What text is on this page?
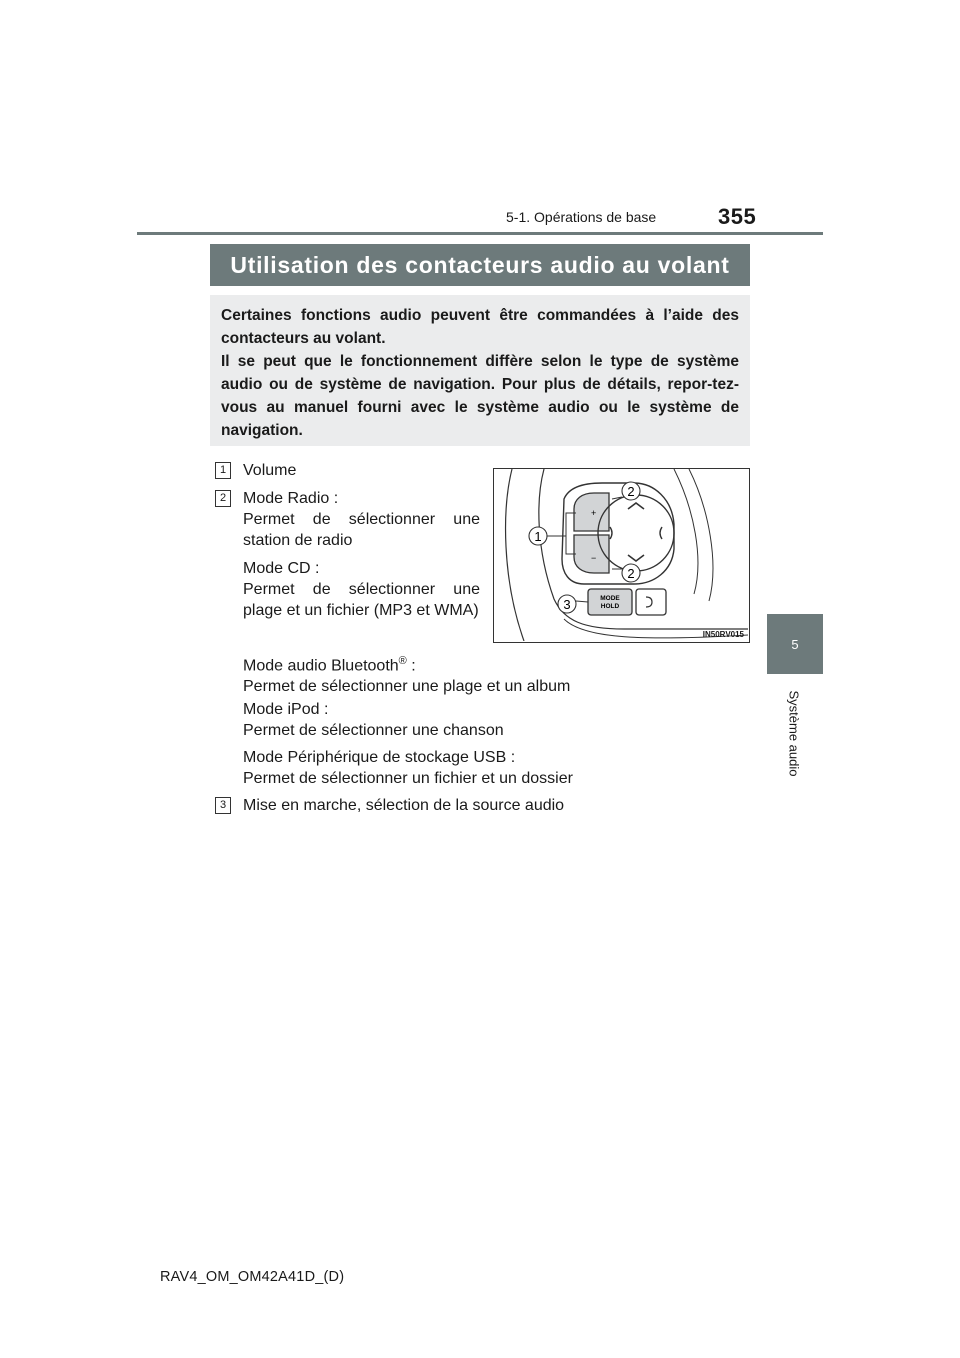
5-1. Opérations de base	355
Utilisation des contacteurs audio au volant

Certaines fonctions audio peuvent être commandées à l’aide des contacteurs au volant.

Il se peut que le fonctionnement diffère selon le type de système audio ou de système de navigation. Pour plus de détails, repor-tez-vous au manuel fourni avec le système audio ou le système de navigation.

5
Système audio
1	Volume
2	Mode Radio :
Permet de sélectionner une station de radio
Mode CD :
Permet de sélectionner une plage et un fichier (MP3 et WMA)
Mode audio Bluetooth® :
Permet de sélectionner une plage et un album
Mode iPod :
Permet de sélectionner une chanson
Mode Périphérique de stockage USB :
Permet de sélectionner un fichier et un dossier
3	Mise en marche, sélection de la source audio
1
2
2
3
+
−
MODE
HOLD
IN50RV015
RAV4_OM_OM42A41D_(D)
